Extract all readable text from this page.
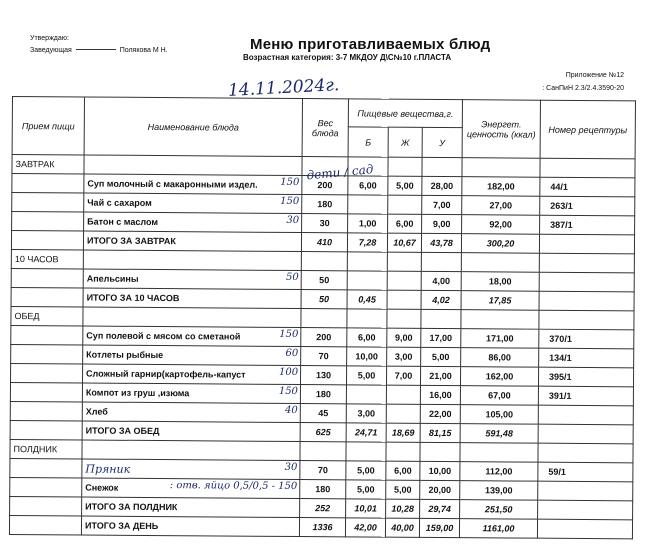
Утверждаю:
Заведующая	Полякова М Н.	Меню приготавливаемых блюд
Возрастная категория: 3-7 МКДОУ Д\С№10 г.ПЛАСТА
14.11.2024г.	Приложение №12
: СанПиН 2.3/2.4.3590-20
дети / сад
Прием пищи	Наименование блюда	Вес блюда	Пищевые вещества,г.			Энергет. ценность (ккал)	Номер рецептуры
			Б	Ж	У		
ЗАВТРАК							
	Суп молочный с макаронными издел. 150	200	6,00	5,00	28,00	182,00	44/1
	Чай с сахаром 150	180			7,00	27,00	263/1
	Батон с маслом 30	30	1,00	6,00	9,00	92,00	387/1
	ИТОГО ЗА ЗАВТРАК	410	7,28	10,67	43,78	300,20	
10 ЧАСОВ							
	Апельсины 50	50			4,00	18,00	
	ИТОГО ЗА 10 ЧАСОВ	50	0,45		4,02	17,85	
ОБЕД							
	Суп полевой с мясом со сметаной 150	200	6,00	9,00	17,00	171,00	370/1
	Котлеты рыбные 60	70	10,00	3,00	5,00	86,00	134/1
	Сложный гарнир(картофель-капуст 100	130	5,00	7,00	21,00	162,00	395/1
	Компот из груш ,изюма 150	180			16,00	67,00	391/1
	Хлеб 40	45	3,00		22,00	105,00	
	ИТОГО ЗА ОБЕД	625	24,71	18,69	81,15	591,48	
ПОЛДНИК							
	Пряник 30	70	5,00	6,00	10,00	112,00	59/1
	Снежок : отв. яйцо 0,5/0,5 - 150	180	5,00	5,00	20,00	139,00	
	ИТОГО ЗА ПОЛДНИК	252	10,01	10,28	29,74	251,50	
	ИТОГО ЗА ДЕНЬ	1336	42,00	40,00	159,00	1161,00	
